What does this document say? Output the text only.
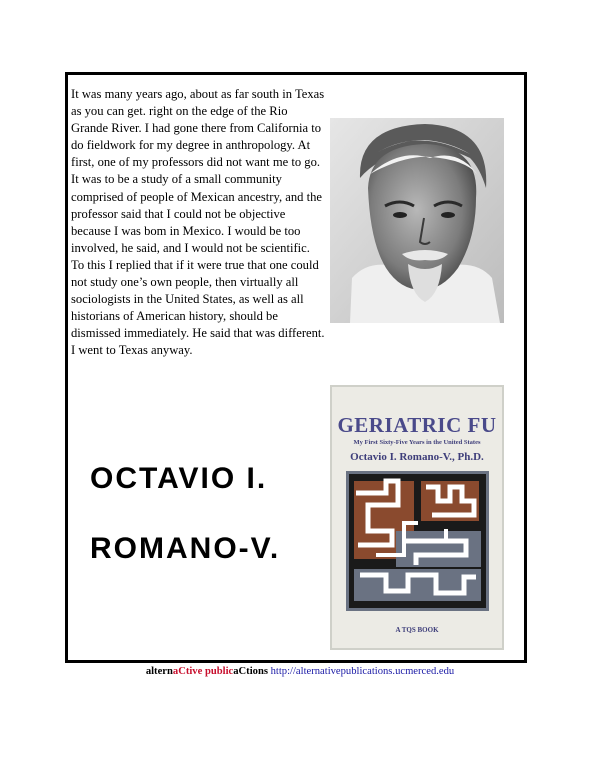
It was many years ago, about as far south in Texas as you can get. right on the edge of the Rio Grande River. I had gone there from California to do fieldwork for my degree in anthropology. At first, one of my professors did not want me to go. It was to be a study of a small community comprised of people of Mexican ancestry, and the professor said that I could not be objective because I was bom in Mexico. I would be too involved, he said, and I would not be scientific. To this I replied that if it were true that one could not study one’s own people, then virtually all sociologists in the United States, as well as all historians of American history, should be dismissed immediately. He said that was different. I went to Texas anyway.
OCTAVIO I.
ROMANO-V.
GERIATRIC FU
My First Sixty-Five Years in the United States
Octavio I. Romano-V., Ph.D.
A TQS BOOK
alternaCtive publicaCtions http://alternativepublications.ucmerced.edu
